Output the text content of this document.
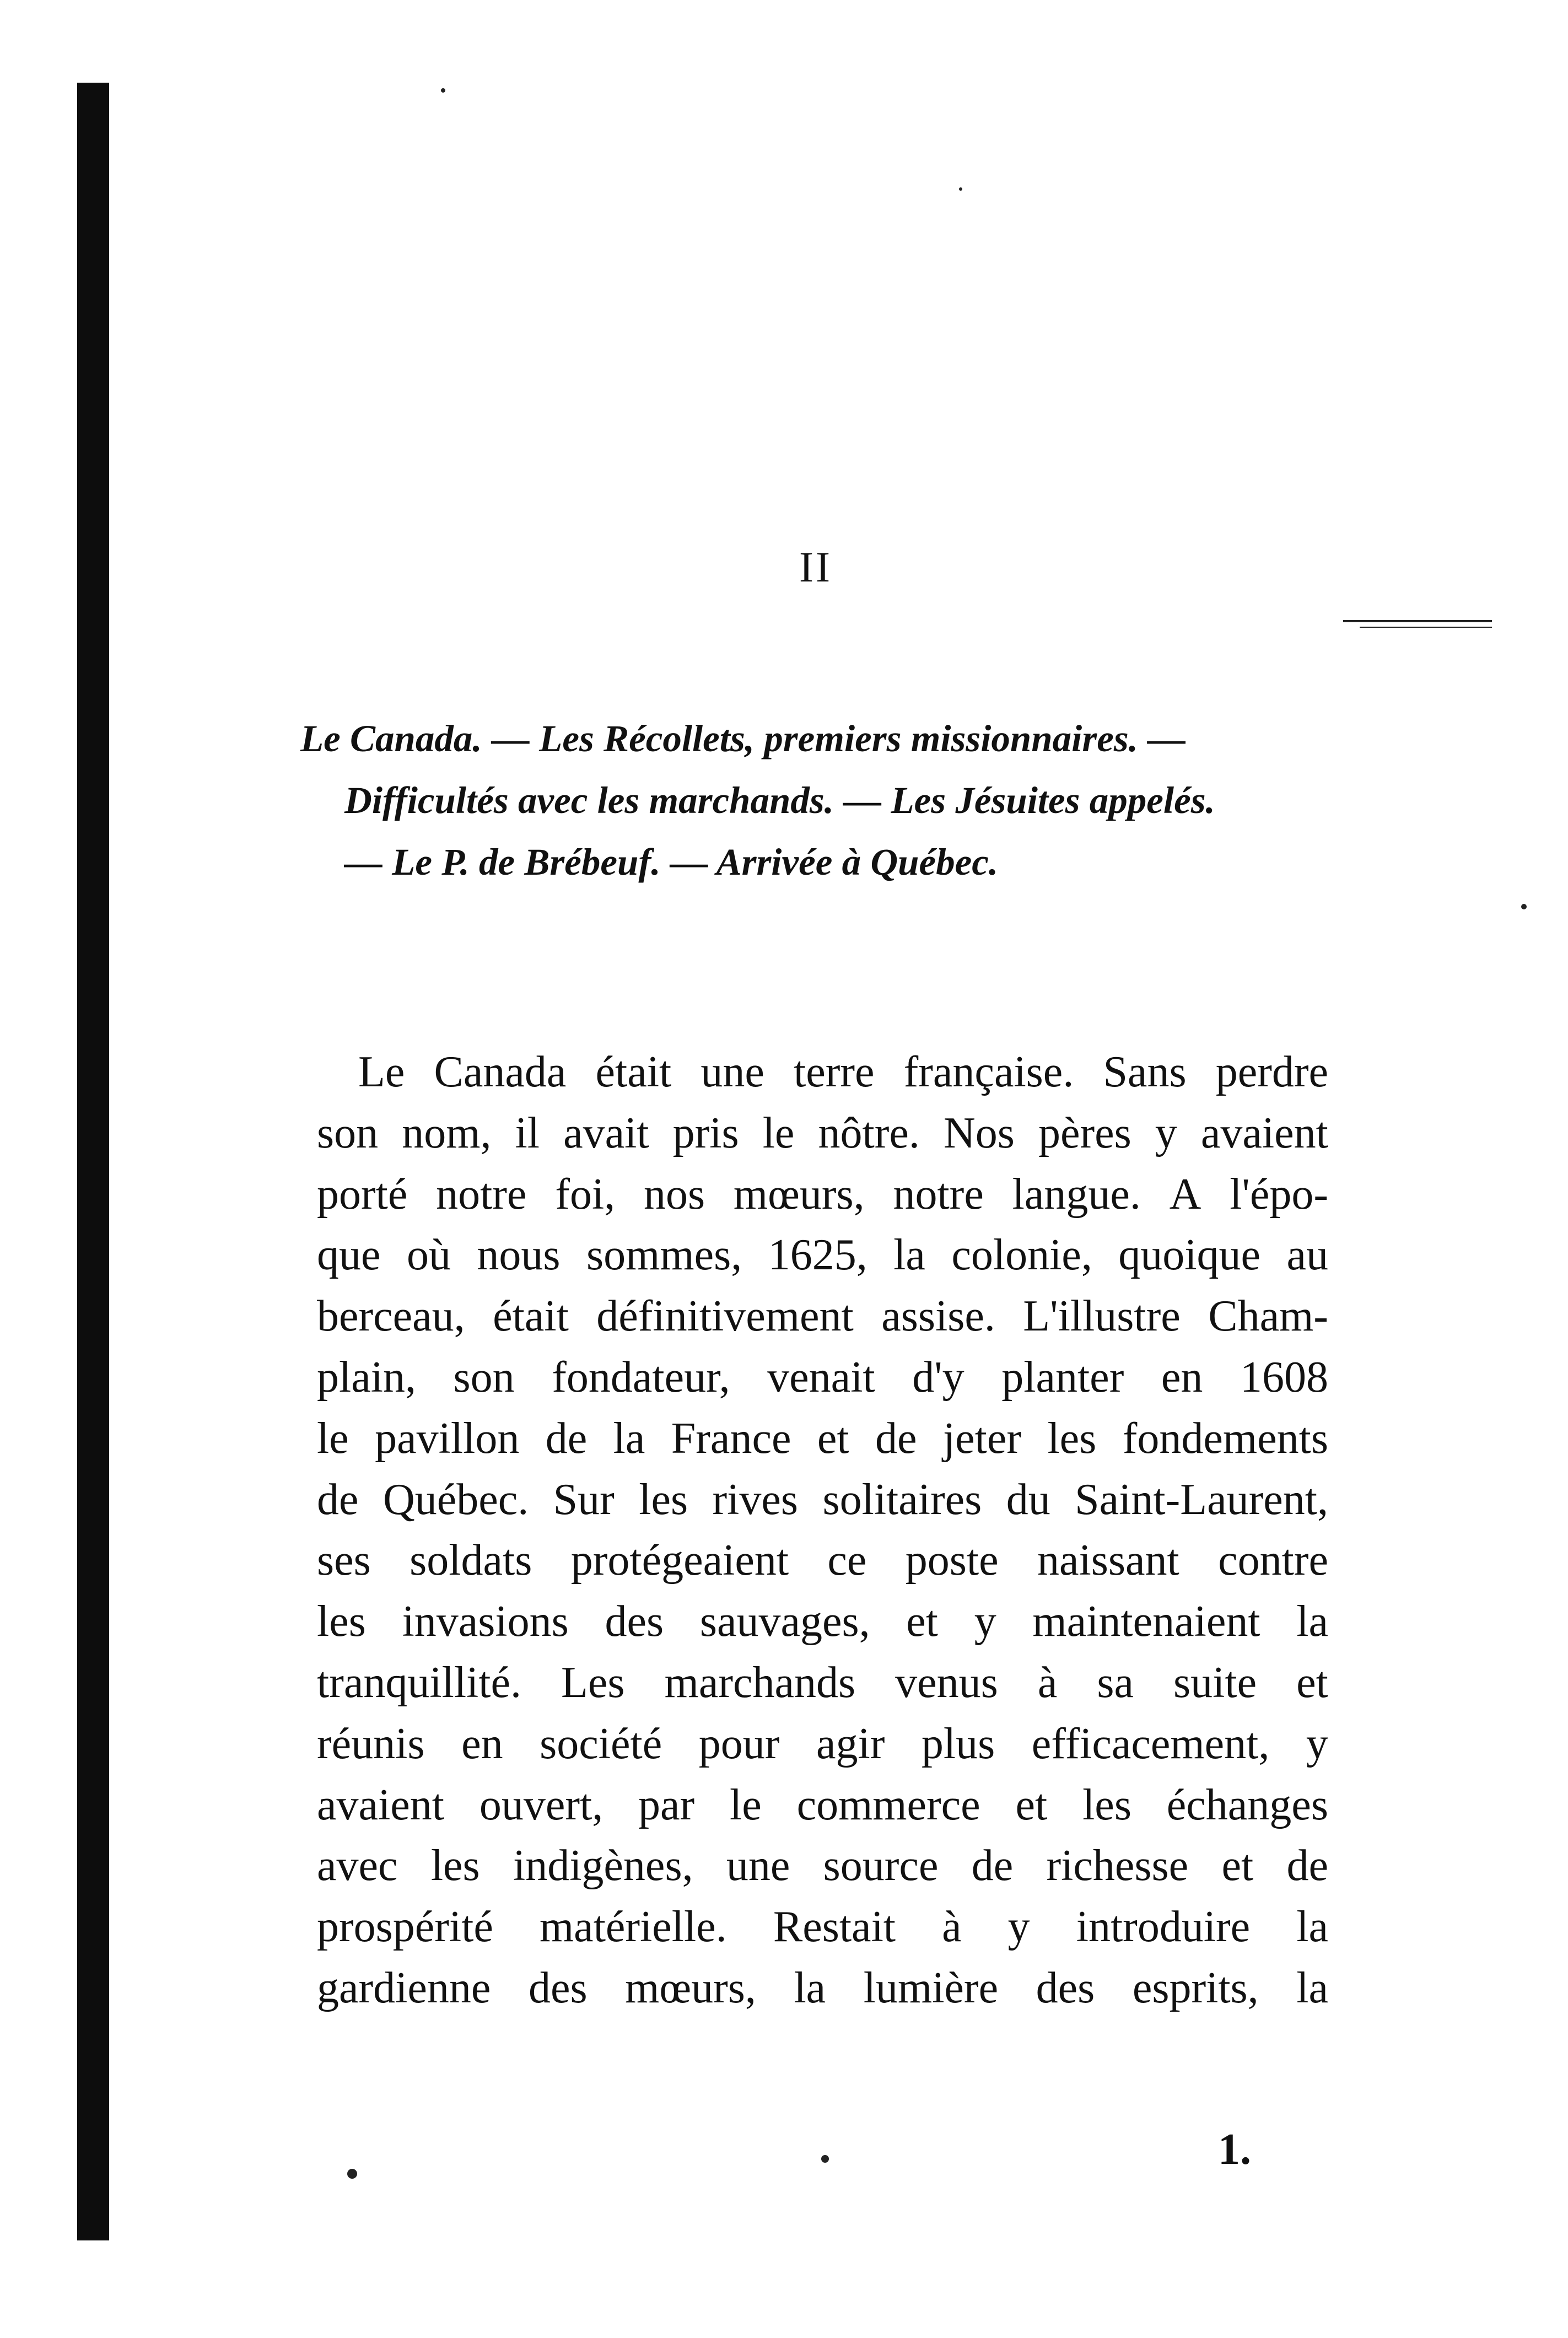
II
Le Canada. — Les Récollets, premiers missionnaires. —
Difficultés avec les marchands. — Les Jésuites appelés.
— Le P. de Brébeuf. — Arrivée à Québec.
Le Canada était une terre française. Sans perdre
son nom, il avait pris le nôtre. Nos pères y avaient
porté notre foi, nos mœurs, notre langue. A l'épo-
que où nous sommes, 1625, la colonie, quoique au
berceau, était définitivement assise. L'illustre Cham-
plain, son fondateur, venait d'y planter en 1608
le pavillon de la France et de jeter les fondements
de Québec. Sur les rives solitaires du Saint-Laurent,
ses soldats protégeaient ce poste naissant contre
les invasions des sauvages, et y maintenaient la
tranquillité. Les marchands venus à sa suite et
réunis en société pour agir plus efficacement, y
avaient ouvert, par le commerce et les échanges
avec les indigènes, une source de richesse et de
prospérité matérielle. Restait à y introduire la
gardienne des mœurs, la lumière des esprits, la
1.
